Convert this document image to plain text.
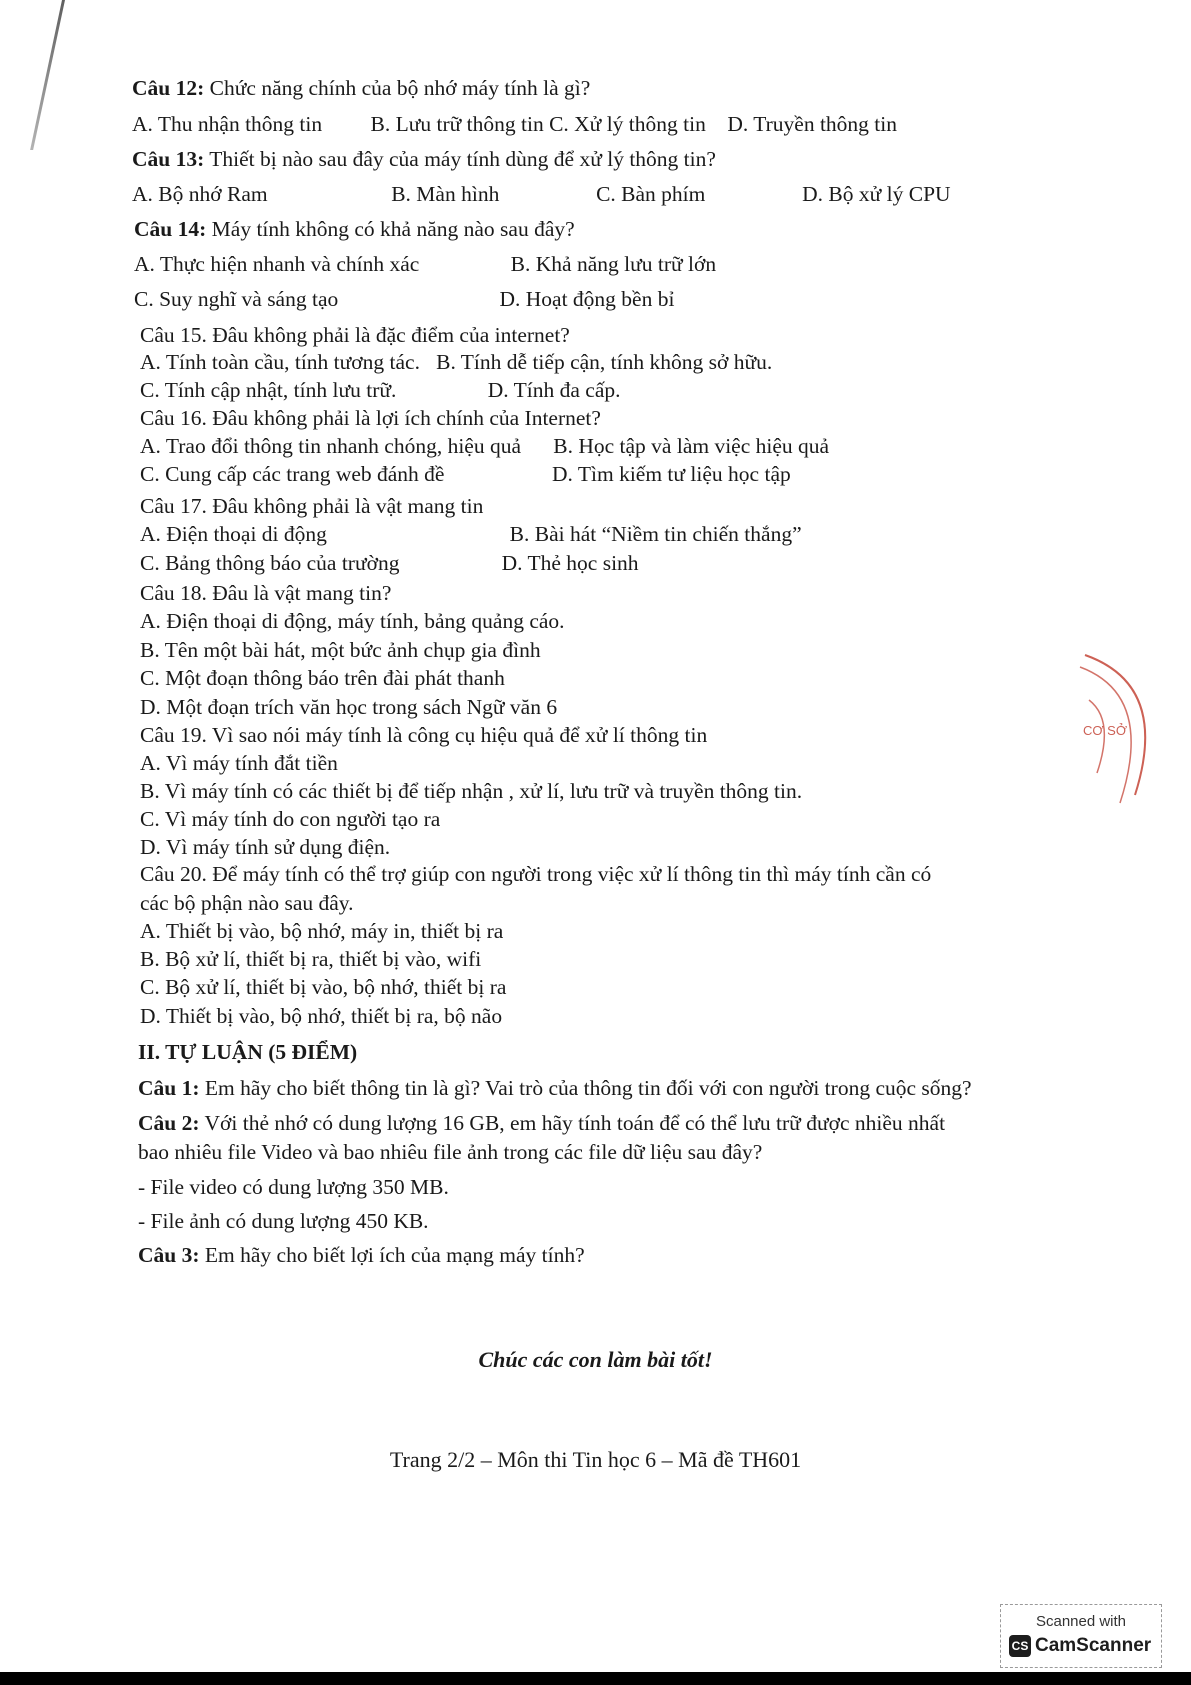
Câu 12: Chức năng chính của bộ nhớ máy tính là gì?
A. Thu nhận thông tin         B. Lưu trữ thông tin C. Xử lý thông tin    D. Truyền thông tin
Câu 13: Thiết bị nào sau đây của máy tính dùng để xử lý thông tin?
A. Bộ nhớ Ram                       B. Màn hình                  C. Bàn phím                  D. Bộ xử lý CPU
Câu 14: Máy tính không có khả năng nào sau đây?
A. Thực hiện nhanh và chính xác                 B. Khả năng lưu trữ lớn
C. Suy nghĩ và sáng tạo                              D. Hoạt động bền bỉ
Câu 15. Đâu không phải là đặc điểm của internet?
A. Tính toàn cầu, tính tương tác.   B. Tính dễ tiếp cận, tính không sở hữu.
C. Tính cập nhật, tính lưu trữ.                 D. Tính đa cấp.
Câu 16. Đâu không phải là lợi ích chính của Internet?
A. Trao đổi thông tin nhanh chóng, hiệu quả      B. Học tập và làm việc hiệu quả
C. Cung cấp các trang web đánh đề                    D. Tìm kiếm tư liệu học tập
Câu 17. Đâu không phải là vật mang tin
A. Điện thoại di động                                  B. Bài hát “Niềm tin chiến thắng”
C. Bảng thông báo của trường                   D. Thẻ học sinh
Câu 18. Đâu là vật mang tin?
A. Điện thoại di động, máy tính, bảng quảng cáo.
B. Tên một bài hát, một bức ảnh chụp gia đình
C. Một đoạn thông báo trên đài phát thanh
D. Một đoạn trích văn học trong sách Ngữ văn 6
Câu 19. Vì sao nói máy tính là công cụ hiệu quả để xử lí thông tin
A. Vì máy tính đắt tiền
B. Vì máy tính có các thiết bị để tiếp nhận , xử lí, lưu trữ và truyền thông tin.
C. Vì máy tính do con người tạo ra
D. Vì máy tính sử dụng điện.
Câu 20. Để máy tính có thể trợ giúp con người trong việc xử lí thông tin thì máy tính cần có
các bộ phận nào sau đây.
A. Thiết bị vào, bộ nhớ, máy in, thiết bị ra
B. Bộ xử lí, thiết bị ra, thiết bị vào, wifi
C. Bộ xử lí, thiết bị vào, bộ nhớ, thiết bị ra
D. Thiết bị vào, bộ nhớ, thiết bị ra, bộ não
II. TỰ LUẬN (5 ĐIỂM)
Câu 1: Em hãy cho biết thông tin là gì? Vai trò của thông tin đối với con người trong cuộc sống?
Câu 2: Với thẻ nhớ có dung lượng 16 GB, em hãy tính toán để có thể lưu trữ được nhiều nhất
bao nhiêu file Video và bao nhiêu file ảnh trong các file dữ liệu sau đây?
- File video có dung lượng 350 MB.
- File ảnh có dung lượng 450 KB.
Câu 3: Em hãy cho biết lợi ích của mạng máy tính?
Chúc các con làm bài tốt!
Trang 2/2 – Môn thi Tin học 6 – Mã đề TH601
CƠ SỞ
Scanned with
CS CamScanner
